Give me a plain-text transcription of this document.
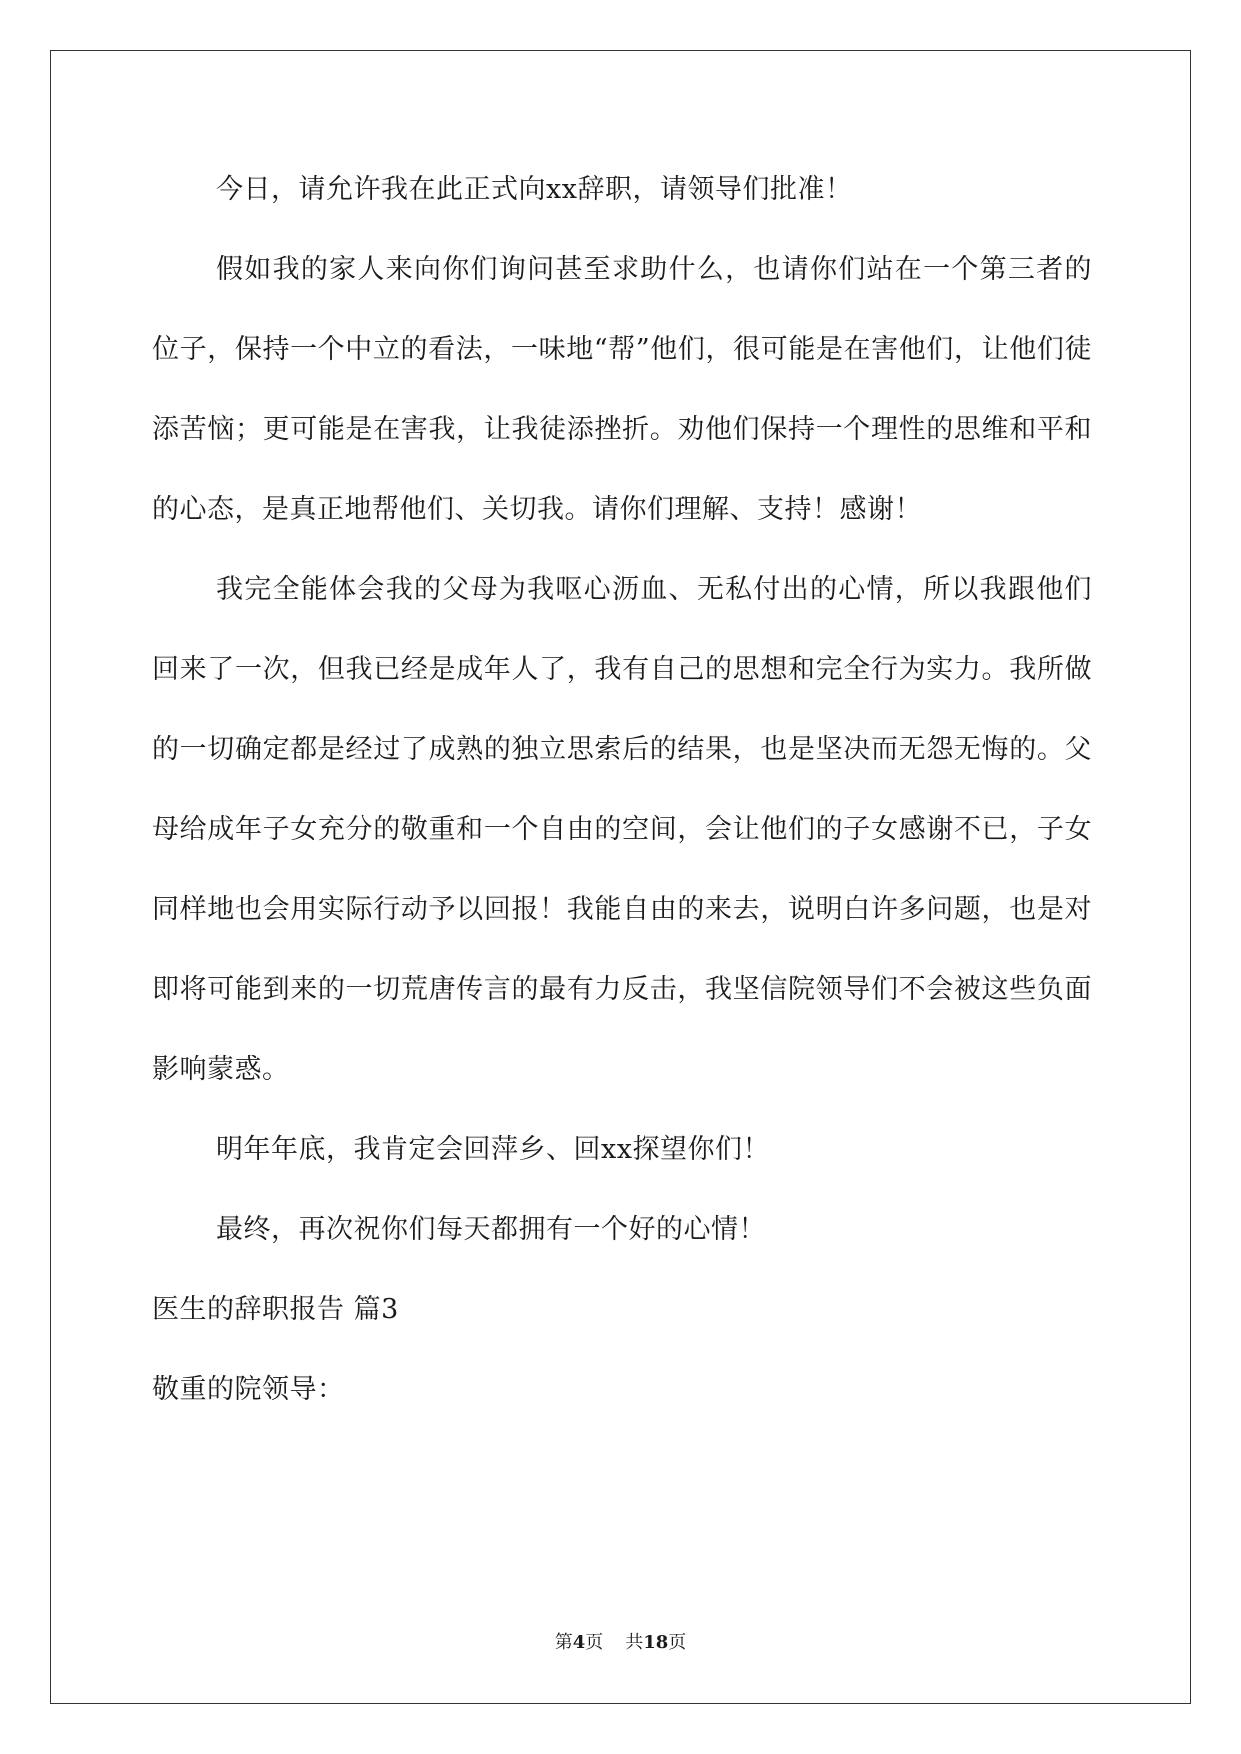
今日，请允许我在此正式向xx辞职，请领导们批准！

假如我的家人来向你们询问甚至求助什么，也请你们站在一个第三者的位子，保持一个中立的看法，一味地“帮”他们，很可能是在害他们，让他们徒添苦恼；更可能是在害我，让我徒添挫折。劝他们保持一个理性的思维和平和的心态，是真正地帮他们、关切我。请你们理解、支持！感谢！

我完全能体会我的父母为我呕心沥血、无私付出的心情，所以我跟他们回来了一次，但我已经是成年人了，我有自己的思想和完全行为实力。我所做的一切确定都是经过了成熟的独立思索后的结果，也是坚决而无怨无悔的。父母给成年子女充分的敬重和一个自由的空间，会让他们的子女感谢不已，子女同样地也会用实际行动予以回报！我能自由的来去，说明白许多问题，也是对即将可能到来的一切荒唐传言的最有力反击，我坚信院领导们不会被这些负面影响蒙惑。

明年年底，我肯定会回萍乡、回xx探望你们！

最终，再次祝你们每天都拥有一个好的心情！

医生的辞职报告 篇3

敬重的院领导：

第4页 共18页
